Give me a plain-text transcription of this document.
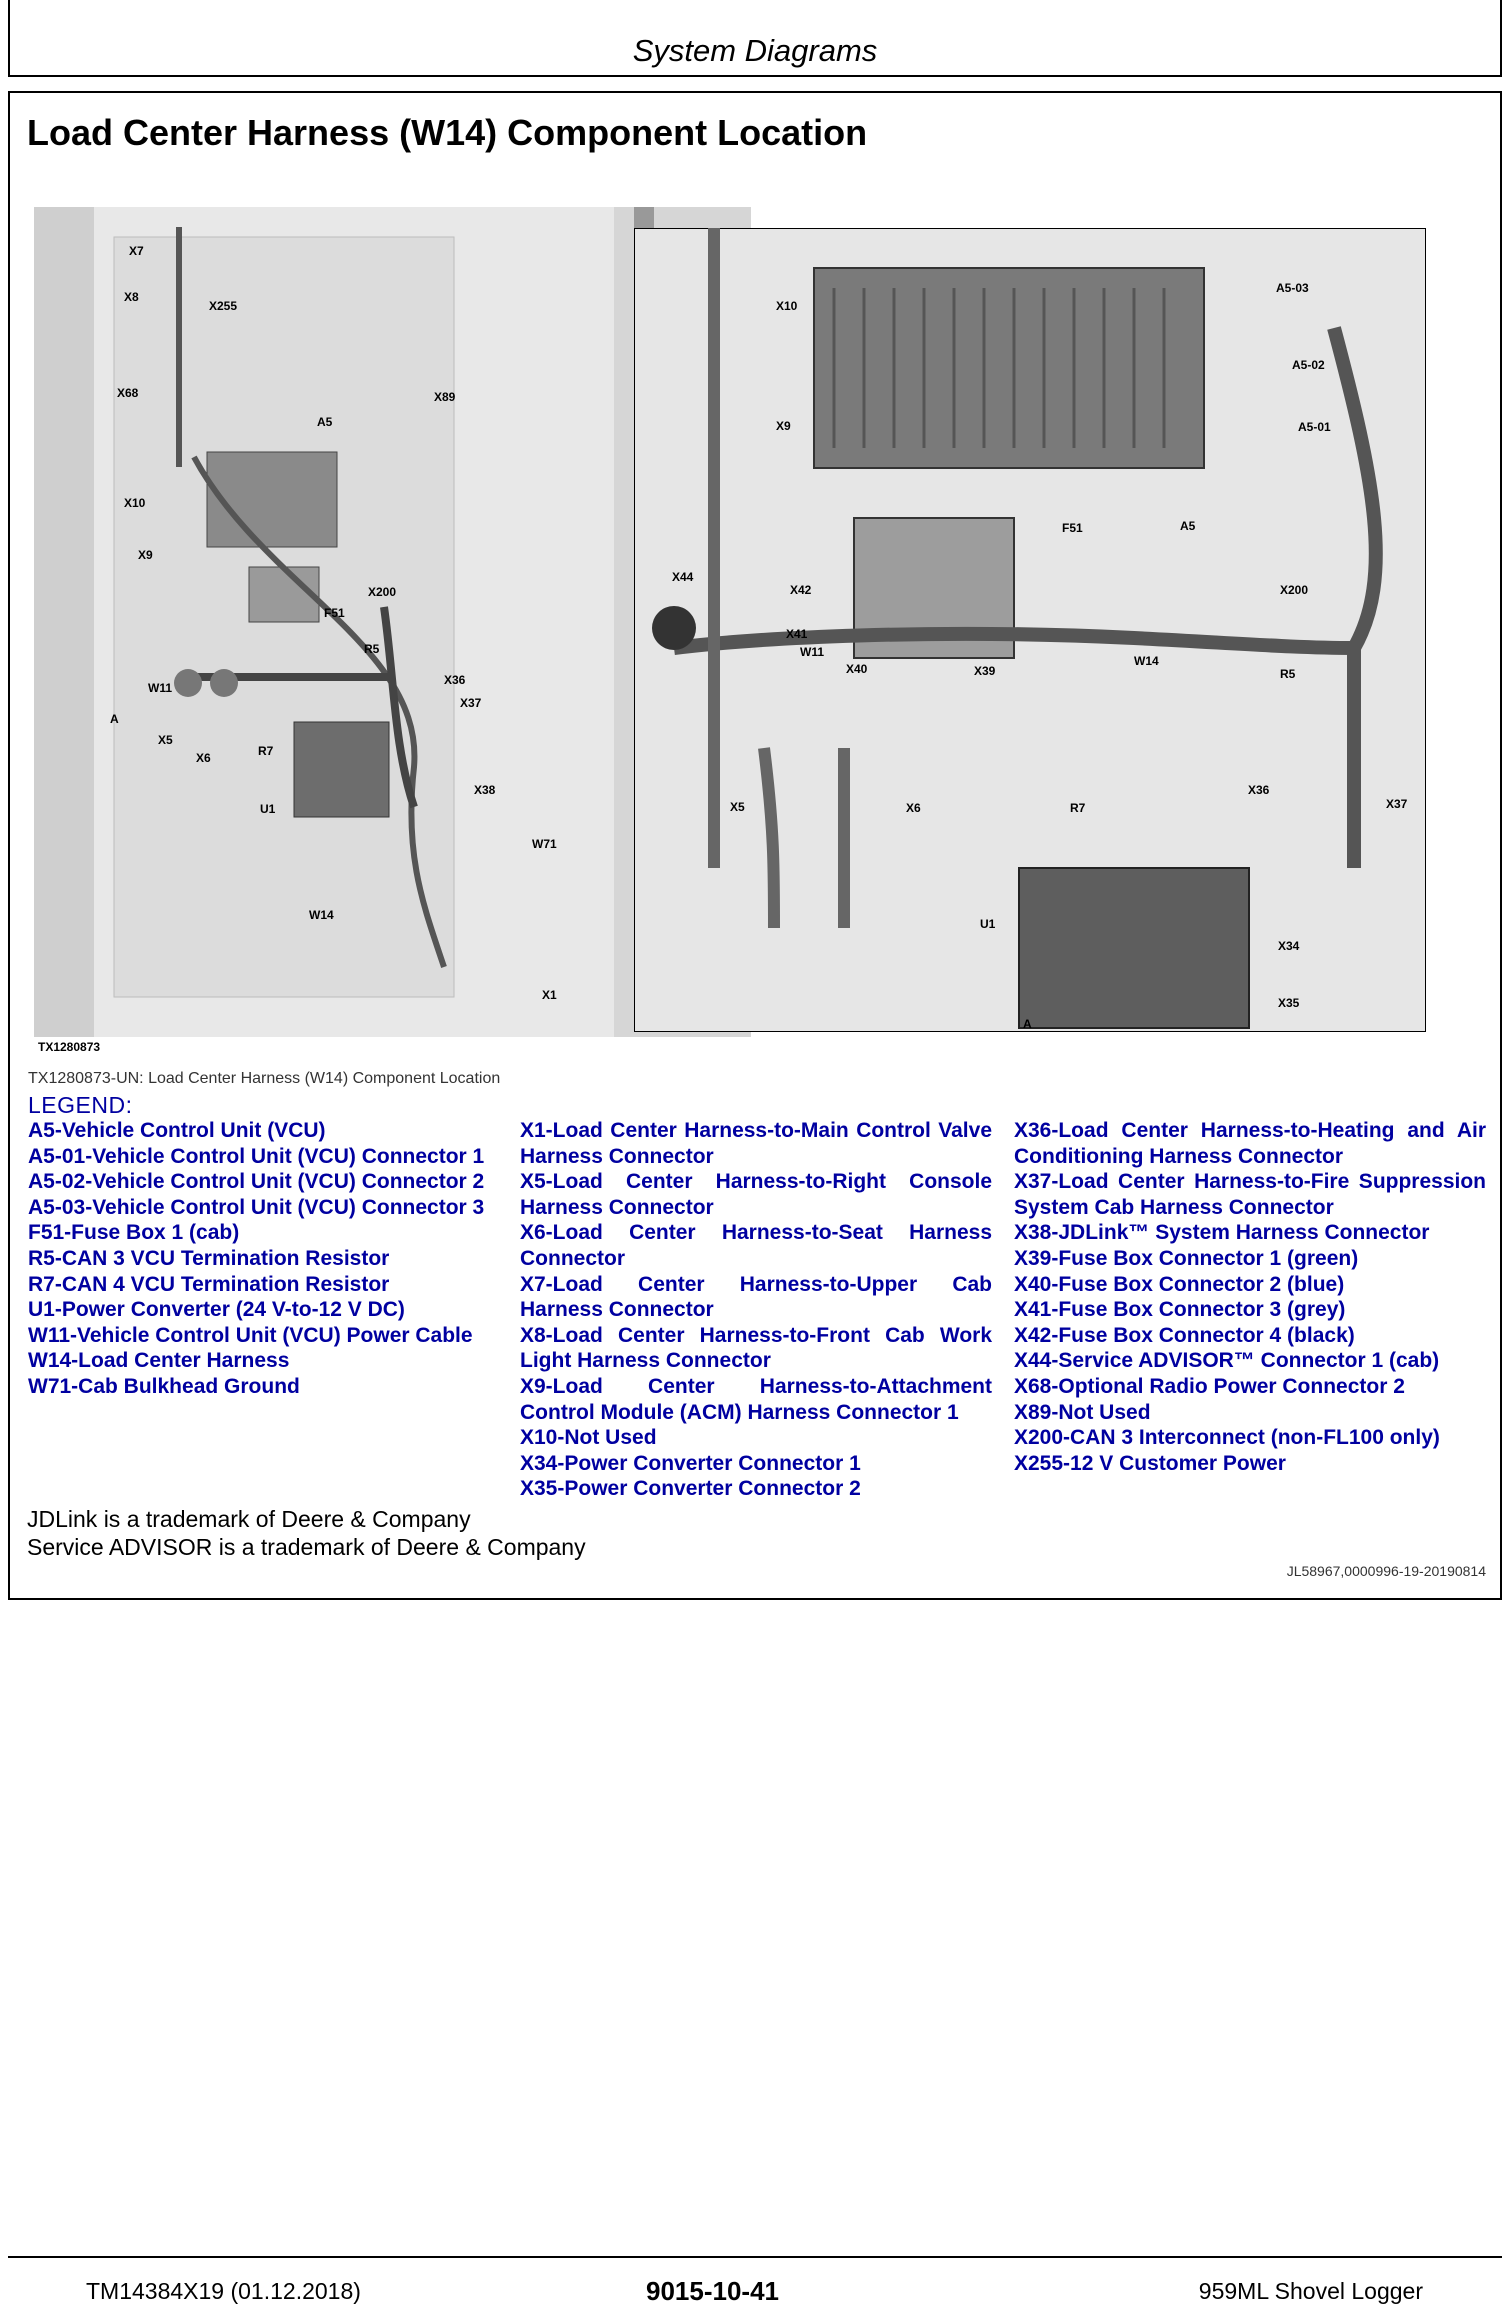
System Diagrams
Load Center Harness (W14) Component Location
X7
X8
X255
X68	X89
A5
X10
X9
F51
X200
R5
X36
X37
W11
A
X5
X6	R7
X38
U1
W71
W14
X1
TX1280873
X10
A5-03
A5-02
A5-01
X9
F51	A5
X44
X42	X200
X41
W11
X40	X39
W14
R5
X36
X37
X5	X6	R7
U1
X34
X35
A
TX1280873-UN: Load Center Harness (W14) Component Location
LEGEND:
A5-Vehicle Control Unit (VCU)
A5-01-Vehicle Control Unit (VCU) Connector 1
A5-02-Vehicle Control Unit (VCU) Connector 2
A5-03-Vehicle Control Unit (VCU) Connector 3
F51-Fuse Box 1 (cab)
R5-CAN 3 VCU Termination Resistor
R7-CAN 4 VCU Termination Resistor
U1-Power Converter (24 V-to-12 V DC)
W11-Vehicle Control Unit (VCU) Power Cable
W14-Load Center Harness
W71-Cab Bulkhead Ground
X1-Load Center Harness-to-Main Control Valve Harness Connector
X5-Load Center Harness-to-Right Console Harness Connector
X6-Load Center Harness-to-Seat Harness Connector
X7-Load Center Harness-to-Upper Cab Harness Connector
X8-Load Center Harness-to-Front Cab Work Light Harness Connector
X9-Load Center Harness-to-Attachment Control Module (ACM) Harness Connector 1
X10-Not Used
X34-Power Converter Connector 1
X35-Power Converter Connector 2
X36-Load Center Harness-to-Heating and Air Conditioning Harness Connector
X37-Load Center Harness-to-Fire Suppression System Cab Harness Connector
X38-JDLink™ System Harness Connector
X39-Fuse Box Connector 1 (green)
X40-Fuse Box Connector 2 (blue)
X41-Fuse Box Connector 3 (grey)
X42-Fuse Box Connector 4 (black)
X44-Service ADVISOR™ Connector 1 (cab)
X68-Optional Radio Power Connector 2
X89-Not Used
X200-CAN 3 Interconnect (non-FL100 only)
X255-12 V Customer Power
JDLink is a trademark of Deere & Company
Service ADVISOR is a trademark of Deere & Company
JL58967,0000996-19-20190814
TM14384X19 (01.12.2018)	9015-10-41	959ML Shovel Logger
